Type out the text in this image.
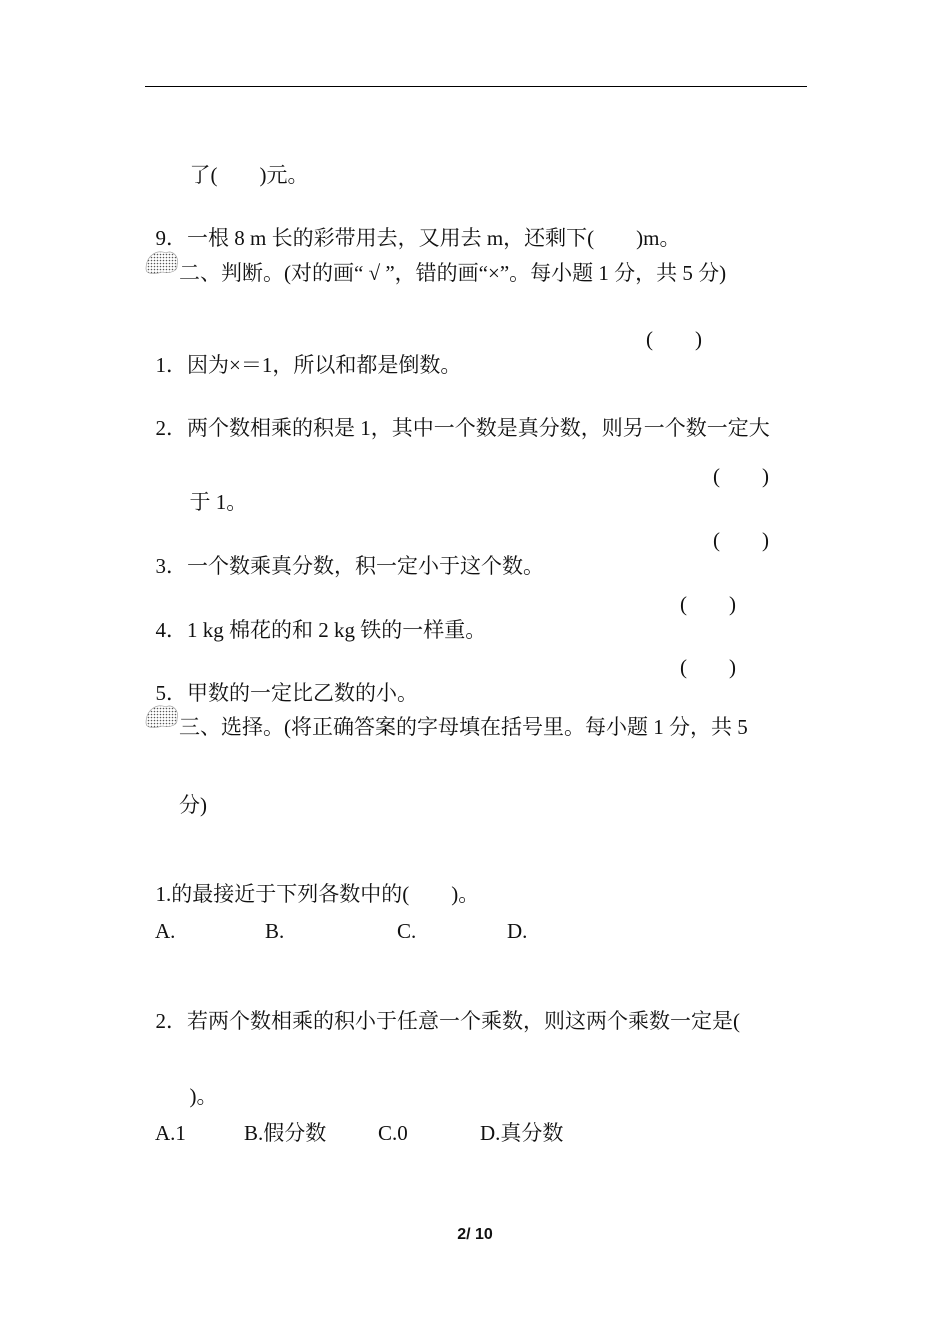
了(　　)元。

9．一根 8 m 长的彩带用去，又用去 m，还剩下(　　)m。

二、判断。(对的画“ √ ”，错的画“×”。每小题 1 分，共 5 分)

1．因为×＝1，所以和都是倒数。

(　　)

2．两个数相乘的积是 1，其中一个数是真分数，则另一个数一定大

于 1。

(　　)

3．一个数乘真分数，积一定小于这个数。

(　　)

4．1 kg 棉花的和 2 kg 铁的一样重。

(　　)

5．甲数的一定比乙数的小。

(　　)
三、选择。(将正确答案的字母填在括号里。每小题 1 分，共 5
分)

1.的最接近于下列各数中的(　　)。

A.	B.	C.	D.

2．若两个数相乘的积小于任意一个乘数，则这两个乘数一定是(

)。

A.1	B.假分数 C.0	D.真分数
2/ 10
